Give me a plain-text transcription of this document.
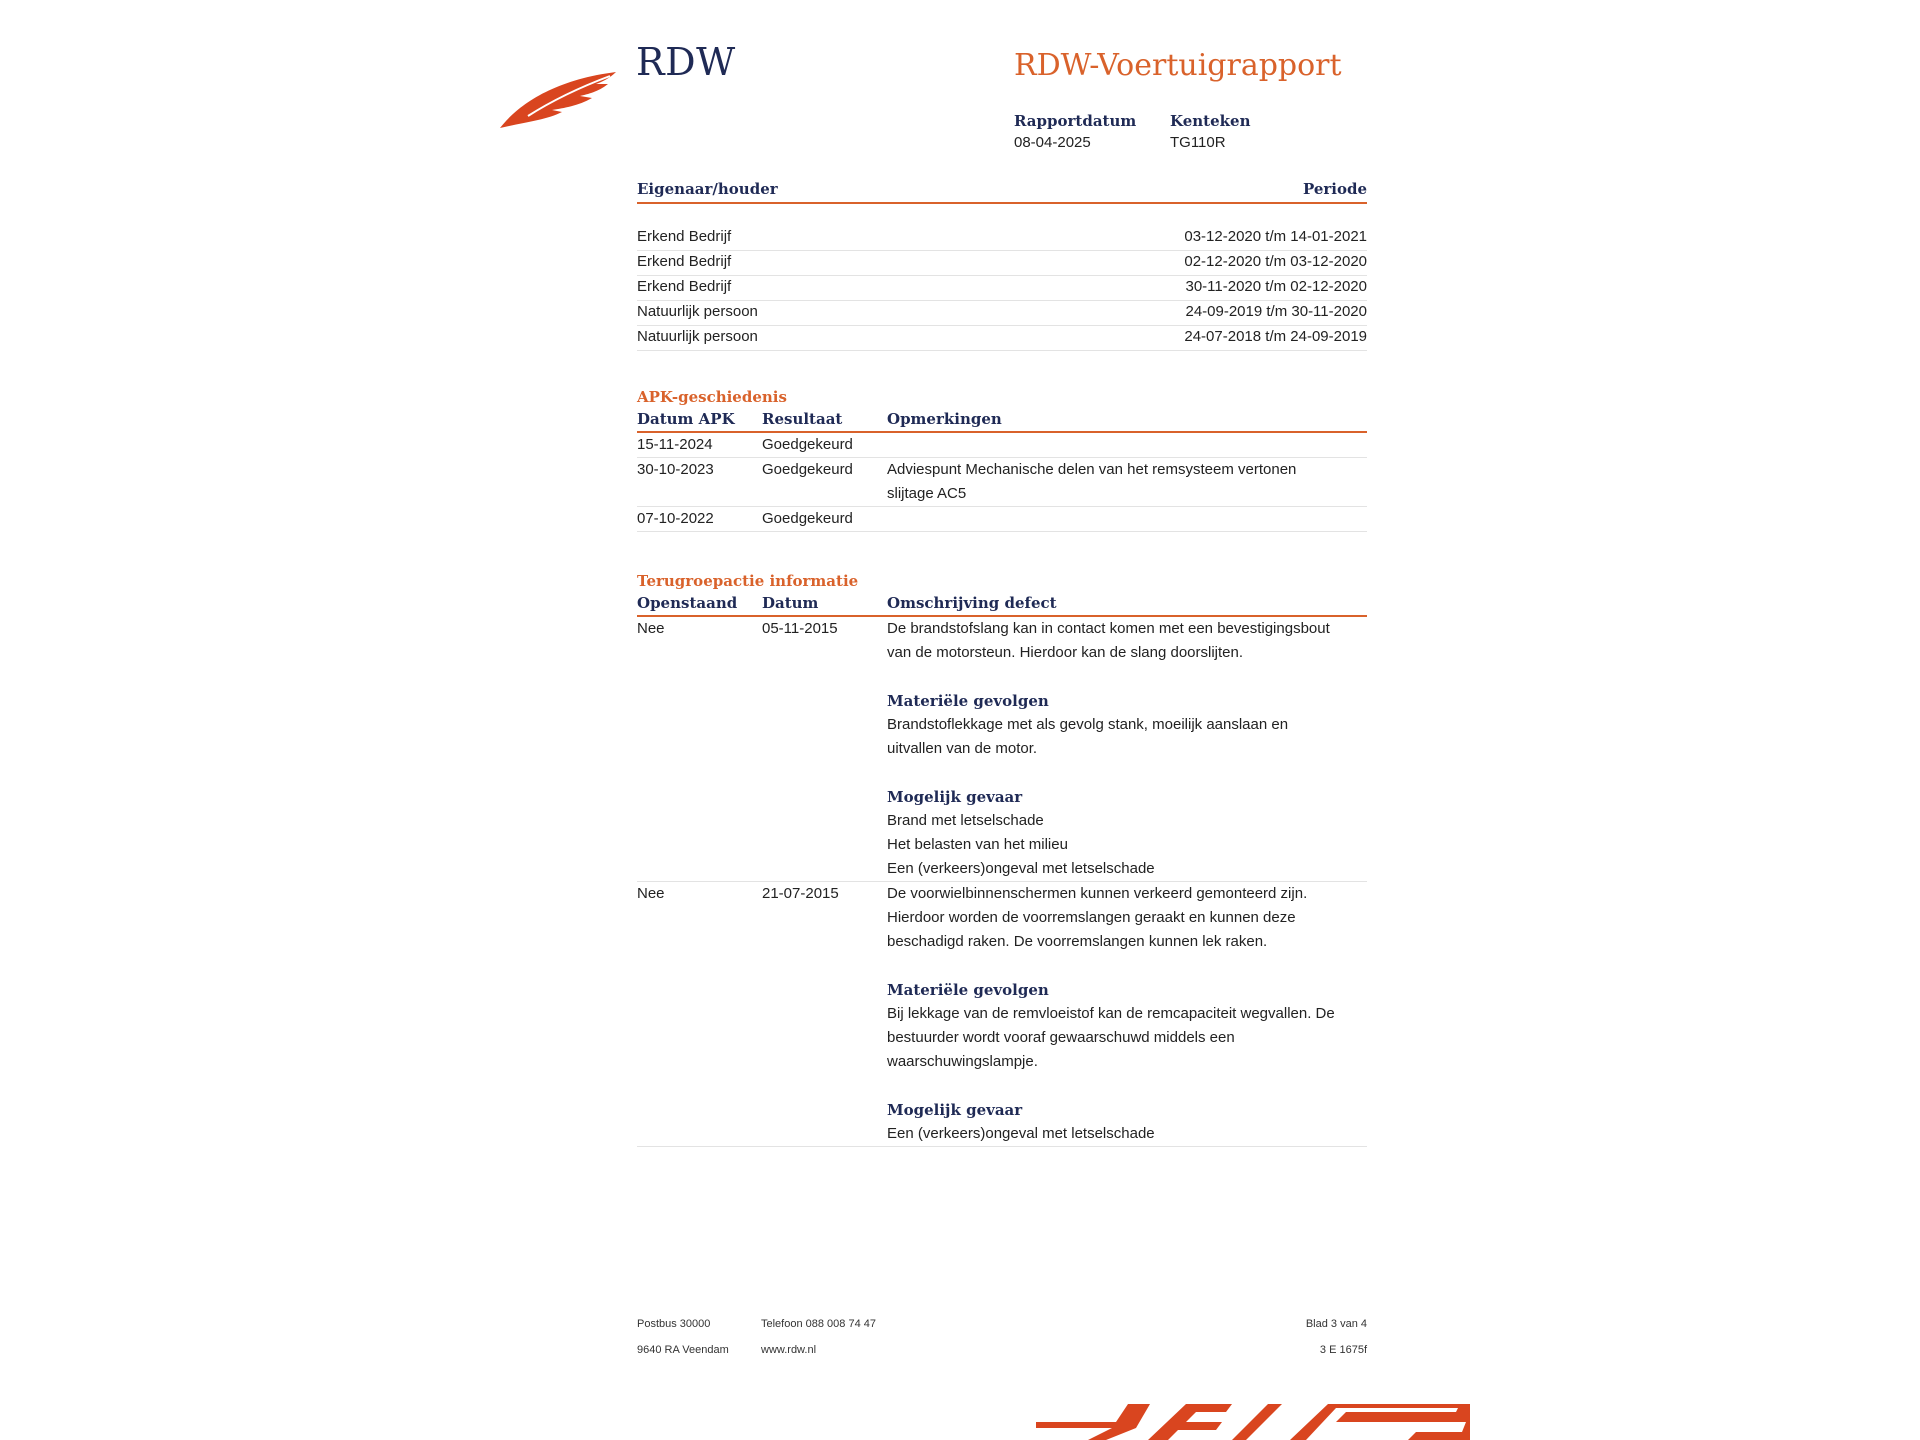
RDW	RDW-Voertuigrapport
Rapportdatum
08-04-2025
Kenteken
TG110R
Eigenaar/houder	Periode
Erkend Bedrijf	03-12-2020 t/m 14-01-2021
Erkend Bedrijf	02-12-2020 t/m 03-12-2020
Erkend Bedrijf	30-11-2020 t/m 02-12-2020
Natuurlijk persoon	24-09-2019 t/m 30-11-2020
Natuurlijk persoon	24-07-2018 t/m 24-09-2019
APK-geschiedenis
Datum APK	Resultaat	Opmerkingen
15-11-2024	Goedgekeurd
30-10-2023	Goedgekeurd	Adviespunt Mechanische delen van het remsysteem vertonen
slijtage AC5
07-10-2022	Goedgekeurd
Terugroepactie informatie
Openstaand	Datum	Omschrijving defect
Nee	05-11-2015	De brandstofslang kan in contact komen met een bevestigingsbout
van de motorsteun. Hierdoor kan de slang doorslijten.
Materiële gevolgen
Brandstoflekkage met als gevolg stank, moeilijk aanslaan en
uitvallen van de motor.
Mogelijk gevaar
Brand met letselschade
Het belasten van het milieu
Een (verkeers)ongeval met letselschade
Nee	21-07-2015	De voorwielbinnenschermen kunnen verkeerd gemonteerd zijn.
Hierdoor worden de voorremslangen geraakt en kunnen deze
beschadigd raken. De voorremslangen kunnen lek raken.
Materiële gevolgen
Bij lekkage van de remvloeistof kan de remcapaciteit wegvallen. De
bestuurder wordt vooraf gewaarschuwd middels een
waarschuwingslampje.
Mogelijk gevaar
Een (verkeers)ongeval met letselschade
Postbus 30000
9640 RA Veendam
Telefoon 088 008 74 47
www.rdw.nl
Blad 3 van 4
3 E 1675f
